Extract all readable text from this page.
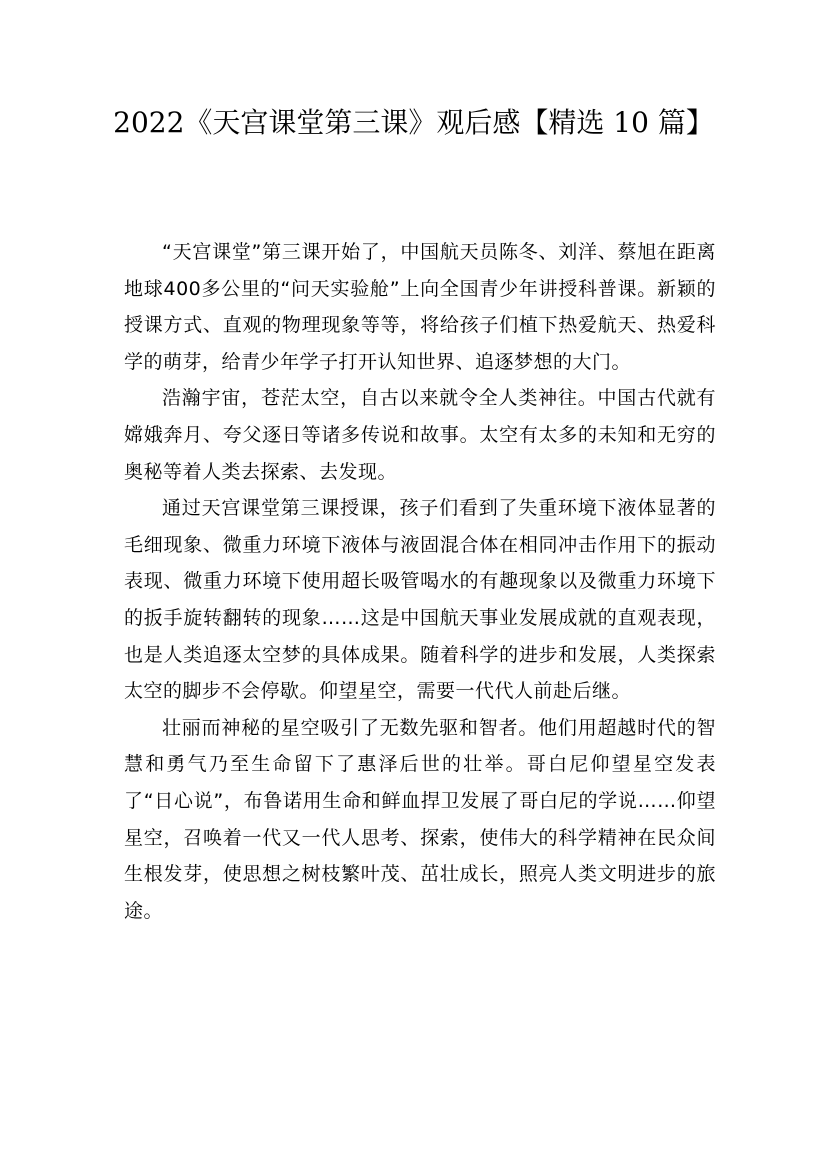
2022《天宫课堂第三课》观后感【精选 10 篇】

“天宫课堂”第三课开始了，中国航天员陈冬、刘洋、蔡旭在距离地球400多公里的“问天实验舱”上向全国青少年讲授科普课。新颖的授课方式、直观的物理现象等等，将给孩子们植下热爱航天、热爱科学的萌芽，给青少年学子打开认知世界、追逐梦想的大门。

浩瀚宇宙，苍茫太空，自古以来就令全人类神往。中国古代就有嫦娥奔月、夸父逐日等诸多传说和故事。太空有太多的未知和无穷的奥秘等着人类去探索、去发现。

通过天宫课堂第三课授课，孩子们看到了失重环境下液体显著的毛细现象、微重力环境下液体与液固混合体在相同冲击作用下的振动表现、微重力环境下使用超长吸管喝水的有趣现象以及微重力环境下的扳手旋转翻转的现象……这是中国航天事业发展成就的直观表现，也是人类追逐太空梦的具体成果。随着科学的进步和发展，人类探索太空的脚步不会停歇。仰望星空，需要一代代人前赴后继。

壮丽而神秘的星空吸引了无数先驱和智者。他们用超越时代的智慧和勇气乃至生命留下了惠泽后世的壮举。哥白尼仰望星空发表了“日心说”，布鲁诺用生命和鲜血捍卫发展了哥白尼的学说……仰望星空，召唤着一代又一代人思考、探索，使伟大的科学精神在民众间生根发芽，使思想之树枝繁叶茂、茁壮成长，照亮人类文明进步的旅途。
